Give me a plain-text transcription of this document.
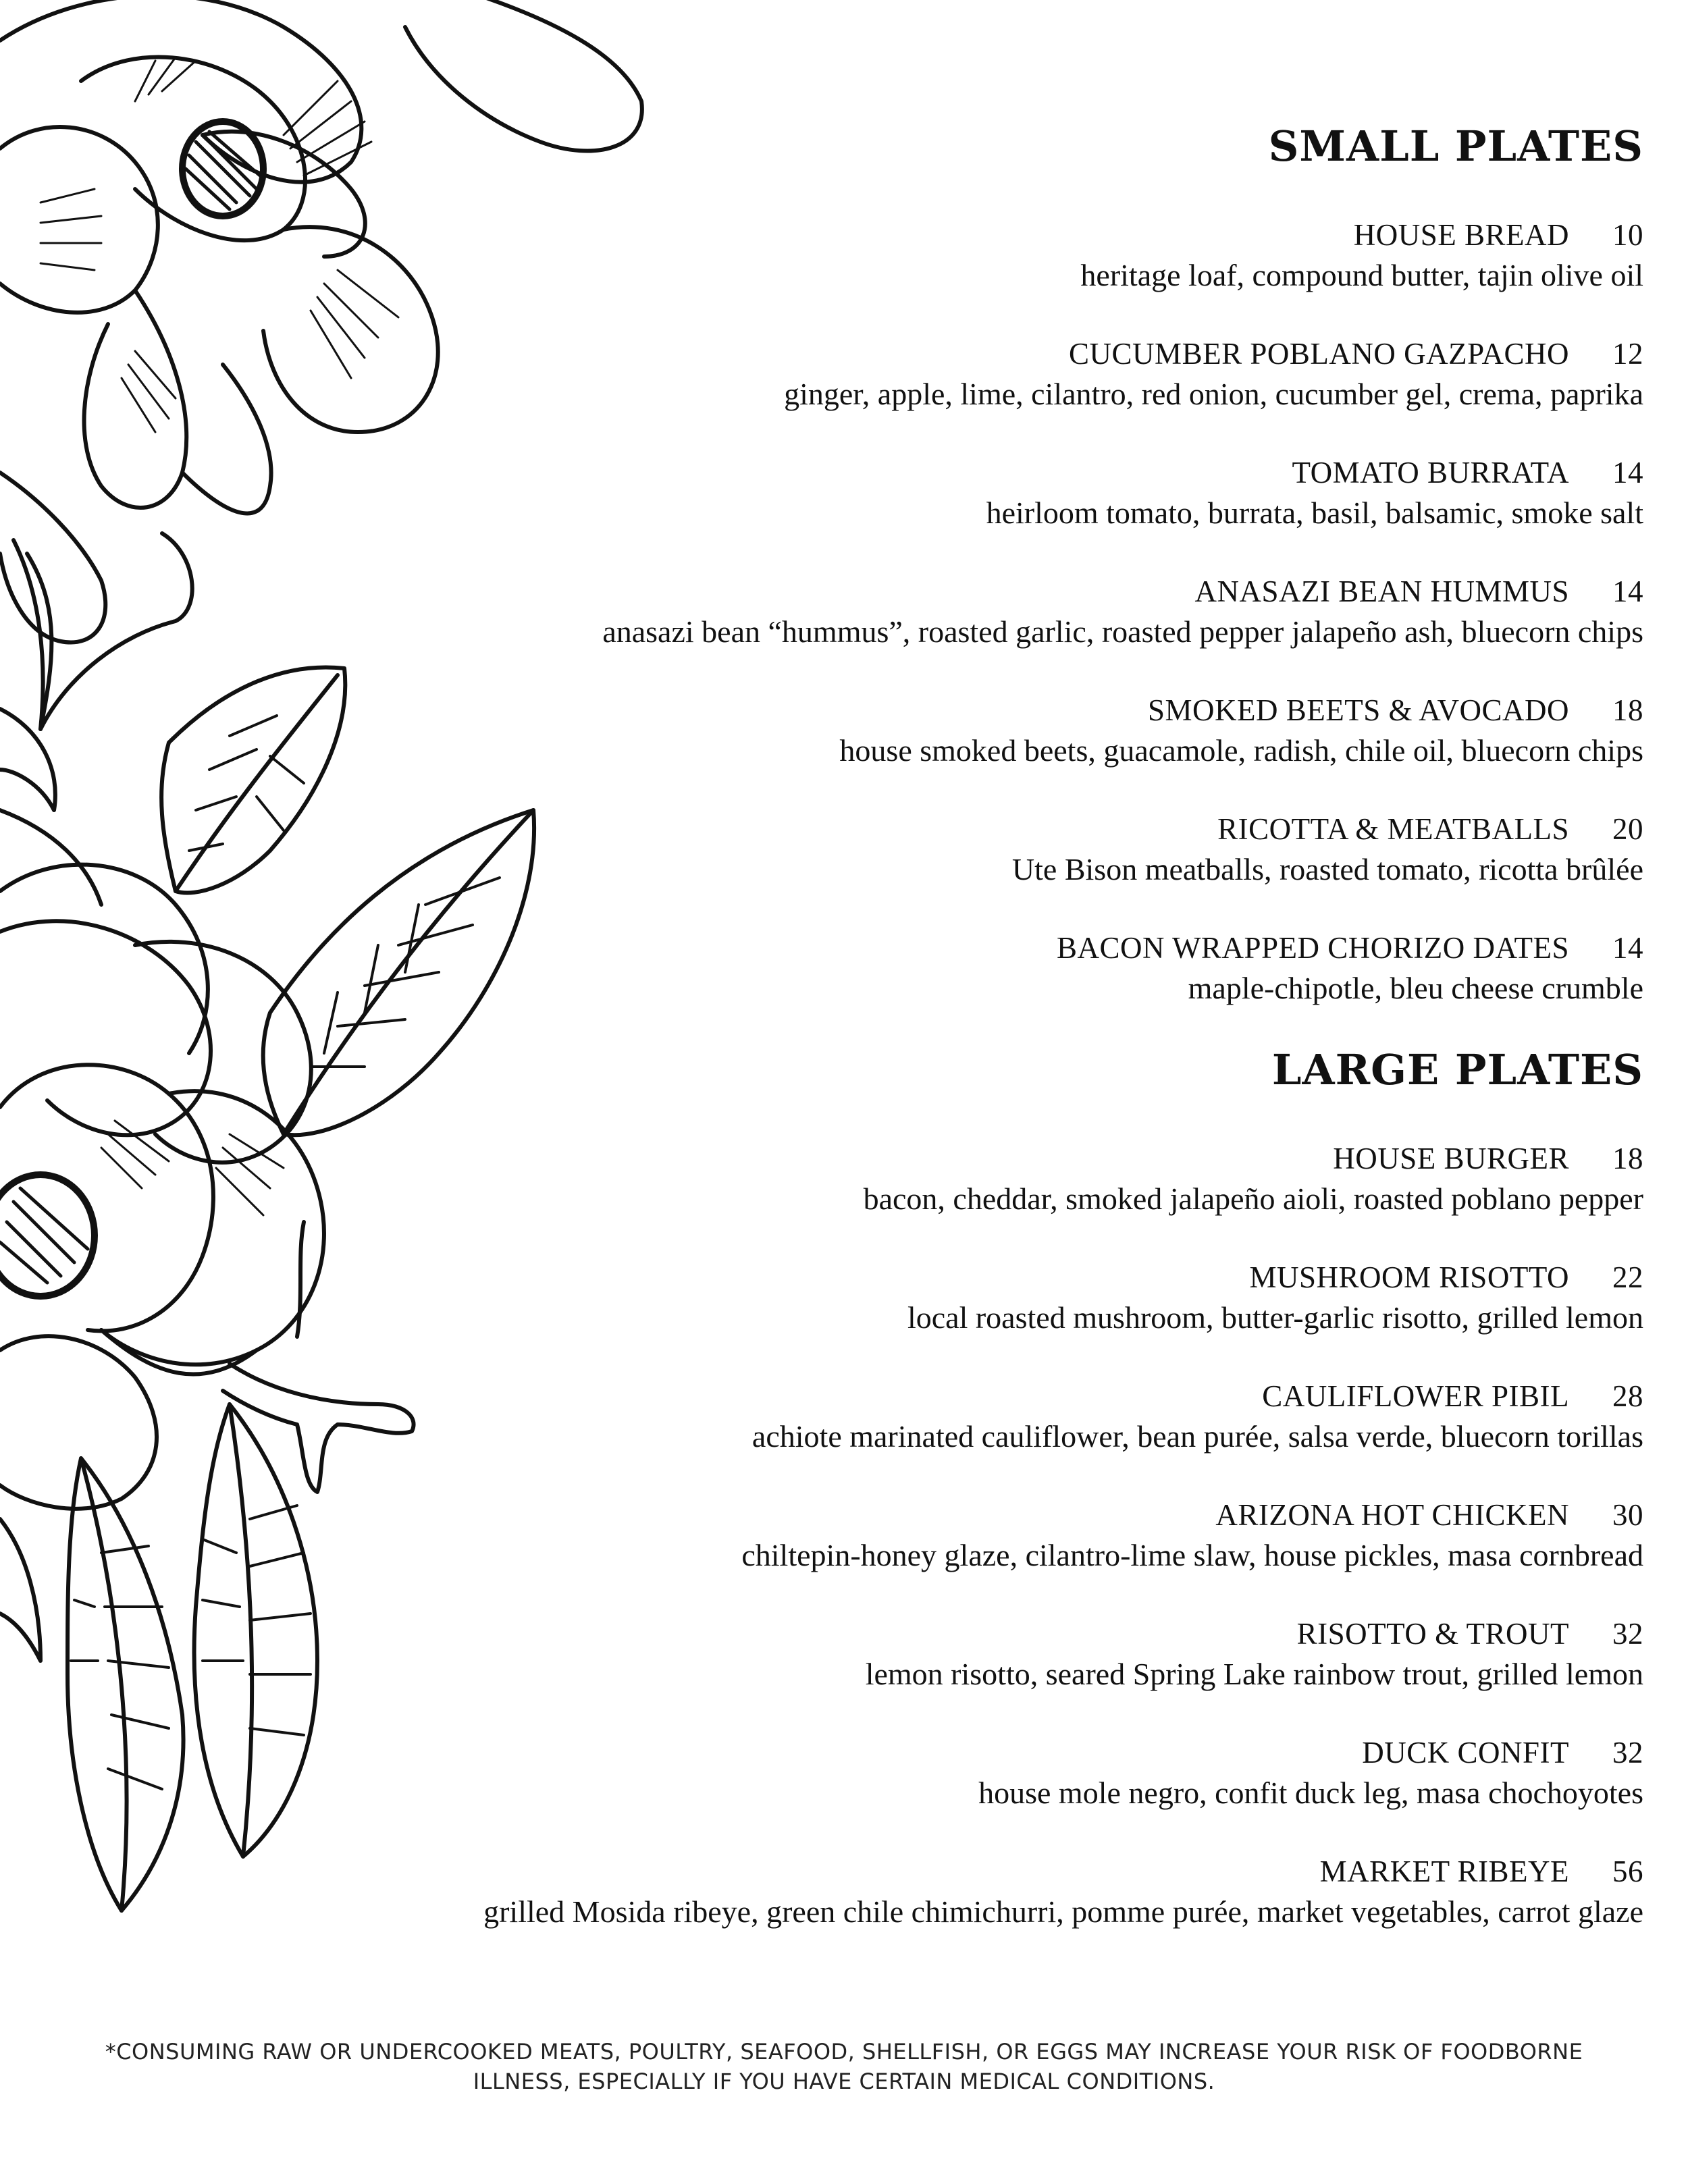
SMALL PLATES
HOUSE BREAD 10
heritage loaf, compound butter, tajin olive oil
CUCUMBER POBLANO GAZPACHO 12
ginger, apple, lime, cilantro, red onion, cucumber gel, crema, paprika
TOMATO BURRATA 14
heirloom tomato, burrata, basil, balsamic, smoke salt
ANASAZI BEAN HUMMUS 14
anasazi bean “hummus”, roasted garlic, roasted pepper jalapeño ash, bluecorn chips
SMOKED BEETS & AVOCADO 18
house smoked beets, guacamole, radish, chile oil, bluecorn chips
RICOTTA & MEATBALLS 20
Ute Bison meatballs, roasted tomato, ricotta brûlée
BACON WRAPPED CHORIZO DATES 14
maple-chipotle, bleu cheese crumble
LARGE PLATES
HOUSE BURGER 18
bacon, cheddar, smoked jalapeño aioli, roasted poblano pepper
MUSHROOM RISOTTO 22
local roasted mushroom, butter-garlic risotto, grilled lemon
CAULIFLOWER PIBIL 28
achiote marinated cauliflower, bean purée, salsa verde, bluecorn torillas
ARIZONA HOT CHICKEN 30
chiltepin-honey glaze, cilantro-lime slaw, house pickles, masa cornbread
RISOTTO & TROUT 32
lemon risotto, seared Spring Lake rainbow trout, grilled lemon
DUCK CONFIT 32
house mole negro, confit duck leg, masa chochoyotes
MARKET RIBEYE 56
grilled Mosida ribeye, green chile chimichurri, pomme purée, market vegetables, carrot glaze
*CONSUMING RAW OR UNDERCOOKED MEATS, POULTRY, SEAFOOD, SHELLFISH, OR EGGS MAY INCREASE YOUR RISK OF FOODBORNE
ILLNESS, ESPECIALLY IF YOU HAVE CERTAIN MEDICAL CONDITIONS.
